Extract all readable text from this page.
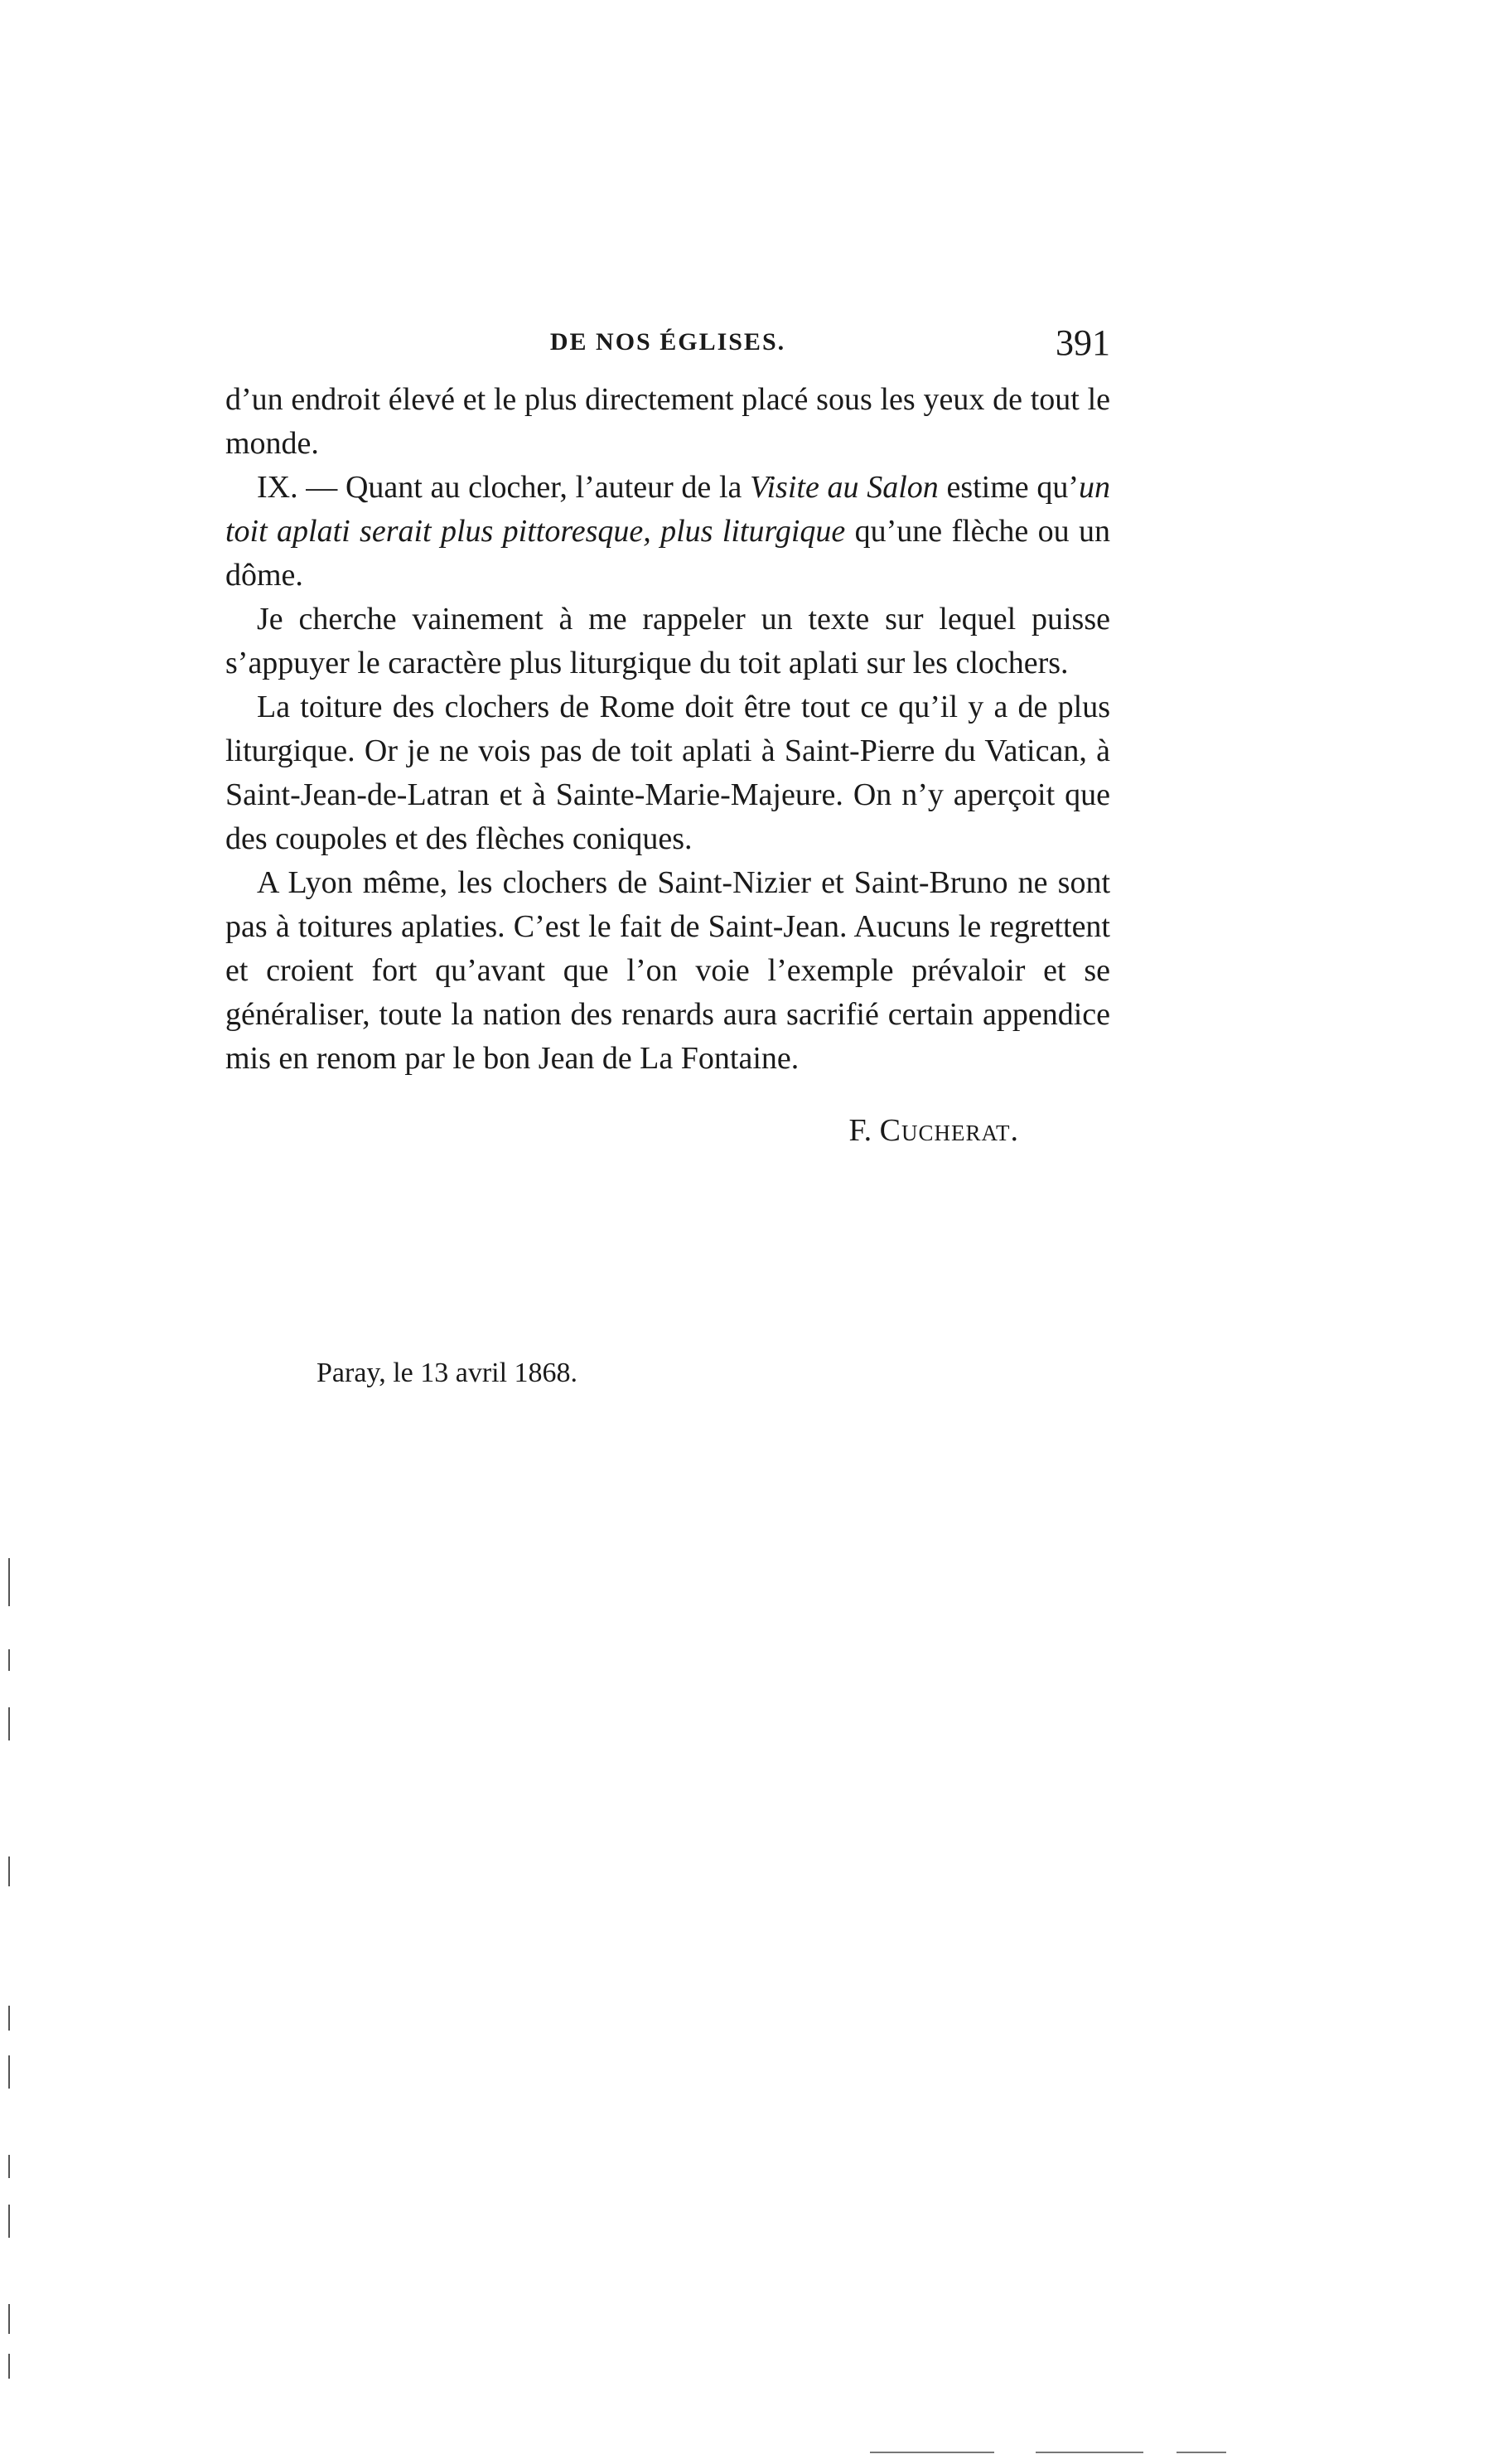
DE NOS ÉGLISES.	391

d’un endroit élevé et le plus directement placé sous les yeux de tout le monde.

IX. — Quant au clocher, l’auteur de la Visite au Salon estime qu’un toit aplati serait plus pittoresque, plus liturgique qu’une flèche ou un dôme.

Je cherche vainement à me rappeler un texte sur lequel puisse s’appuyer le caractère plus liturgique du toit aplati sur les clochers.

La toiture des clochers de Rome doit être tout ce qu’il y a de plus liturgique. Or je ne vois pas de toit aplati à Saint-Pierre du Vatican, à Saint-Jean-de-Latran et à Sainte-Marie-Majeure. On n’y aperçoit que des coupoles et des flèches coniques.

A Lyon même, les clochers de Saint-Nizier et Saint-Bruno ne sont pas à toitures aplaties. C’est le fait de Saint-Jean. Aucuns le regrettent et croient fort qu’avant que l’on voie l’exemple prévaloir et se généraliser, toute la nation des renards aura sacrifié certain appendice mis en renom par le bon Jean de La Fontaine.

F. Cucherat.

Paray, le 13 avril 1868.
